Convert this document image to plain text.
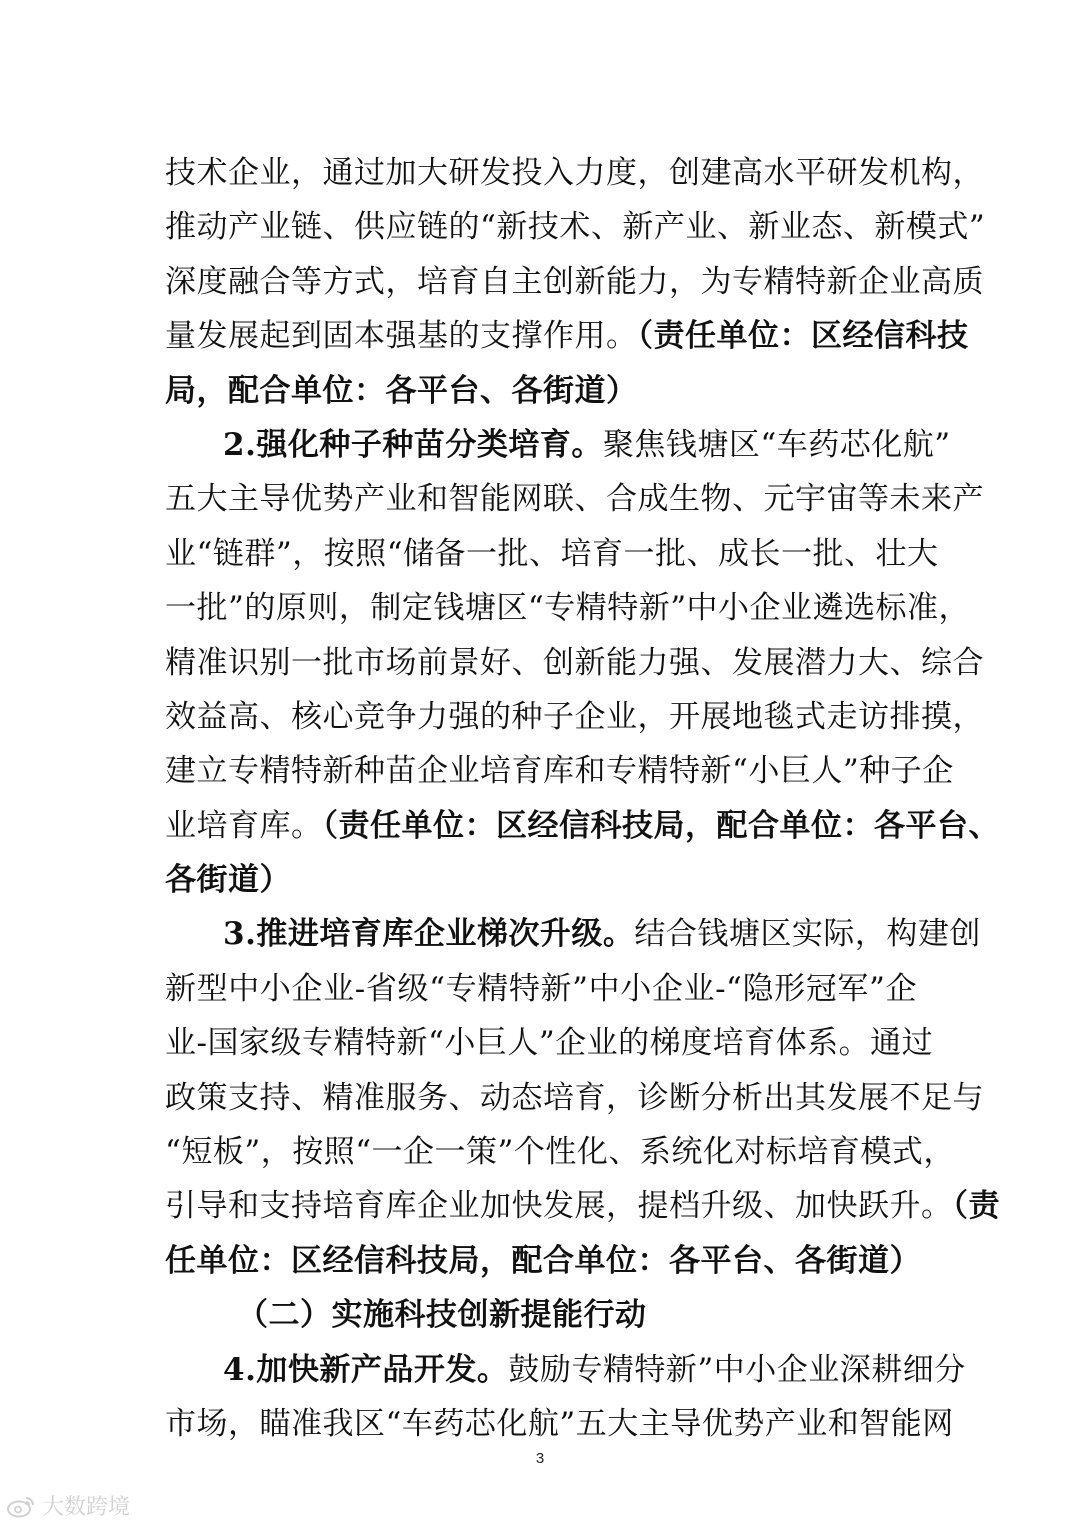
技术企业，通过加大研发投入力度，创建高水平研发机构，
推动产业链、供应链的“新技术、新产业、新业态、新模式”
深度融合等方式，培育自主创新能力，为专精特新企业高质
量发展起到固本强基的支撑作用。（责任单位：区经信科技
局，配合单位：各平台、各街道）
2.强化种子种苗分类培育。聚焦钱塘区“车药芯化航”
五大主导优势产业和智能网联、合成生物、元宇宙等未来产
业“链群”，按照“储备一批、培育一批、成长一批、壮大
一批”的原则，制定钱塘区“专精特新”中小企业遴选标准，
精准识别一批市场前景好、创新能力强、发展潜力大、综合
效益高、核心竞争力强的种子企业，开展地毯式走访排摸，
建立专精特新种苗企业培育库和专精特新“小巨人”种子企
业培育库。（责任单位：区经信科技局，配合单位：各平台、
各街道）
3.推进培育库企业梯次升级。结合钱塘区实际，构建创
新型中小企业-省级“专精特新”中小企业-“隐形冠军”企
业-国家级专精特新“小巨人”企业的梯度培育体系。通过
政策支持、精准服务、动态培育，诊断分析出其发展不足与
“短板”，按照“一企一策”个性化、系统化对标培育模式，
引导和支持培育库企业加快发展，提档升级、加快跃升。（责
任单位：区经信科技局，配合单位：各平台、各街道）
（二）实施科技创新提能行动
4.加快新产品开发。鼓励专精特新”中小企业深耕细分
市场，瞄准我区“车药芯化航”五大主导优势产业和智能网
3
大数跨境
